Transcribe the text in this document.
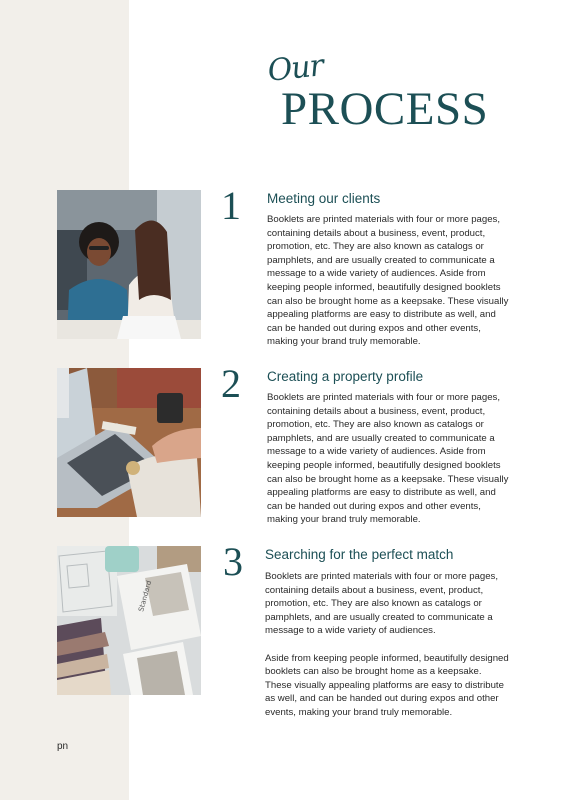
Our
PROCESS
Standard
1 Meeting our clients

Booklets are printed materials with four or more pages, containing details about a business, event, product, promotion, etc. They are also known as catalogs or pamphlets, and are usually created to communicate a message to a wide variety of audiences. Aside from keeping people informed, beautifully designed booklets can also be brought home as a keepsake. These visually appealing platforms are easy to distribute as well, and can be handed out during expos and other events, making your brand truly memorable.

2 Creating a property profile

Booklets are printed materials with four or more pages, containing details about a business, event, product, promotion, etc. They are also known as catalogs or pamphlets, and are usually created to communicate a message to a wide variety of audiences. Aside from keeping people informed, beautifully designed booklets can also be brought home as a keepsake. These visually appealing platforms are easy to distribute as well, and can be handed out during expos and other events, making your brand truly memorable.

3 Searching for the perfect match

Booklets are printed materials with four or more pages, containing details about a business, event, product, promotion, etc. They are also known as catalogs or pamphlets, and are usually created to communicate a message to a wide variety of audiences.

Aside from keeping people informed, beautifully designed booklets can also be brought home as a keepsake. These visually appealing platforms are easy to distribute as well, and can be handed out during expos and other events, making your brand truly memorable.

pn
